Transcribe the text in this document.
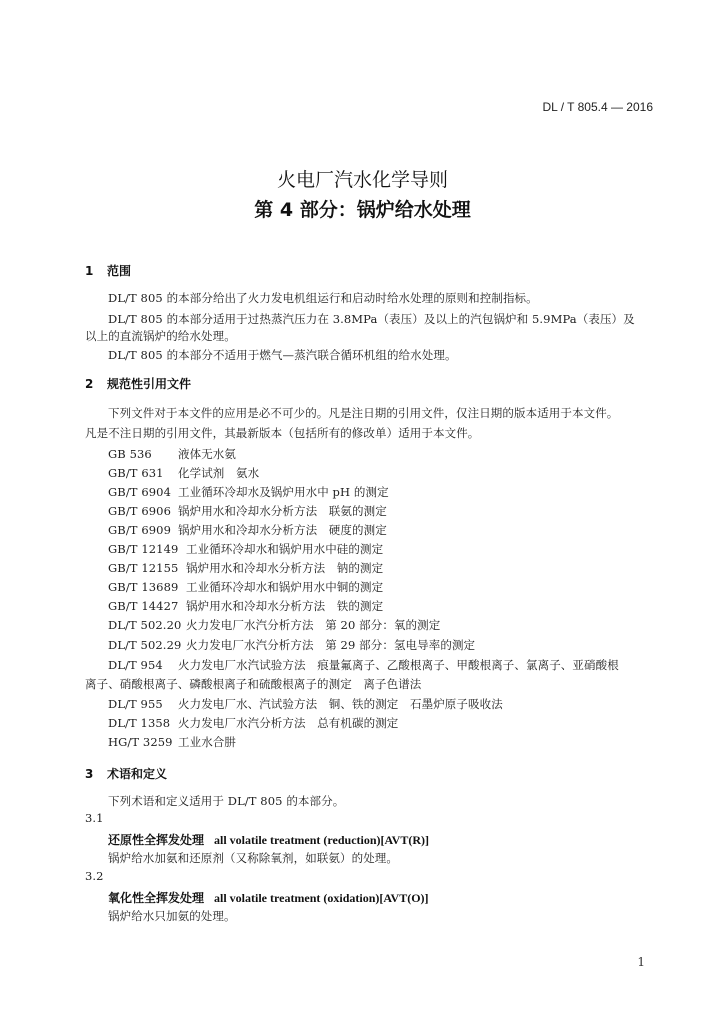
DL / T 805.4 — 2016
火电厂汽水化学导则
第 4 部分：锅炉给水处理
1 范围
DL/T 805 的本部分给出了火力发电机组运行和启动时给水处理的原则和控制指标。
DL/T 805 的本部分适用于过热蒸汽压力在 3.8MPa（表压）及以上的汽包锅炉和 5.9MPa（表压）及
以上的直流锅炉的给水处理。
DL/T 805 的本部分不适用于燃气—蒸汽联合循环机组的给水处理。
2 规范性引用文件
下列文件对于本文件的应用是必不可少的。凡是注日期的引用文件，仅注日期的版本适用于本文件。
凡是不注日期的引用文件，其最新版本（包括所有的修改单）适用于本文件。
GB 536 液体无水氨
GB/T 631 化学试剂　氨水
GB/T 6904 工业循环冷却水及锅炉用水中 pH 的测定
GB/T 6906 锅炉用水和冷却水分析方法　联氨的测定
GB/T 6909 锅炉用水和冷却水分析方法　硬度的测定
GB/T 12149 工业循环冷却水和锅炉用水中硅的测定
GB/T 12155 锅炉用水和冷却水分析方法　钠的测定
GB/T 13689 工业循环冷却水和锅炉用水中铜的测定
GB/T 14427 锅炉用水和冷却水分析方法　铁的测定
DL/T 502.20 火力发电厂水汽分析方法　第 20 部分：氧的测定
DL/T 502.29 火力发电厂水汽分析方法　第 29 部分：氢电导率的测定
DL/T 954 火力发电厂水汽试验方法　痕量氟离子、乙酸根离子、甲酸根离子、氯离子、亚硝酸根
离子、硝酸根离子、磷酸根离子和硫酸根离子的测定　离子色谱法
DL/T 955 火力发电厂水、汽试验方法　铜、铁的测定　石墨炉原子吸收法
DL/T 1358 火力发电厂水汽分析方法　总有机碳的测定
HG/T 3259 工业水合肼
3 术语和定义
下列术语和定义适用于 DL/T 805 的本部分。
3.1
还原性全挥发处理 all volatile treatment (reduction)[AVT(R)]
锅炉给水加氨和还原剂（又称除氧剂，如联氨）的处理。
3.2
氧化性全挥发处理 all volatile treatment (oxidation)[AVT(O)]
锅炉给水只加氨的处理。
1
